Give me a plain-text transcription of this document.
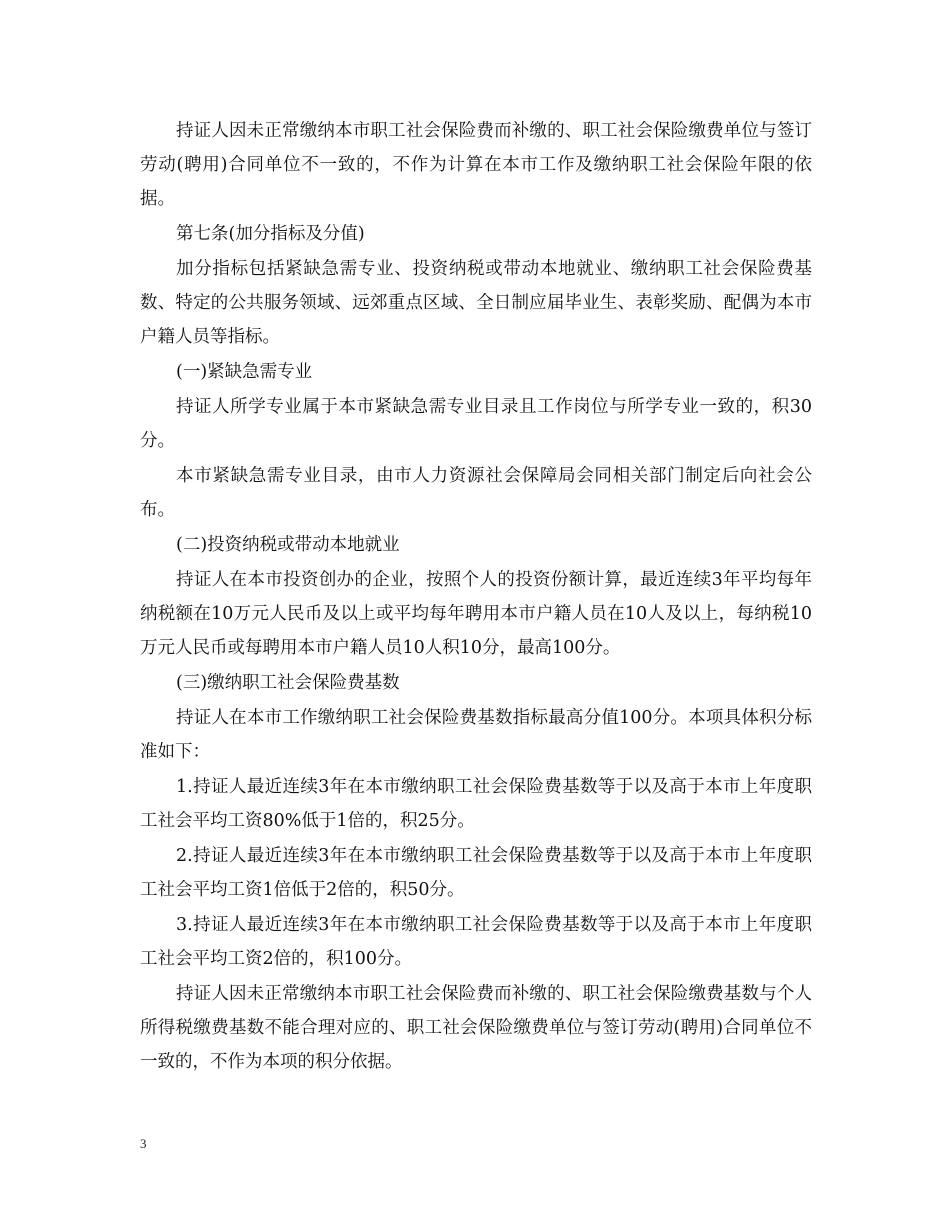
持证人因未正常缴纳本市职工社会保险费而补缴的、职工社会保险缴费单位与签订劳动(聘用)合同单位不一致的，不作为计算在本市工作及缴纳职工社会保险年限的依据。

第七条(加分指标及分值)

加分指标包括紧缺急需专业、投资纳税或带动本地就业、缴纳职工社会保险费基数、特定的公共服务领域、远郊重点区域、全日制应届毕业生、表彰奖励、配偶为本市户籍人员等指标。

(一)紧缺急需专业

持证人所学专业属于本市紧缺急需专业目录且工作岗位与所学专业一致的，积30分。

本市紧缺急需专业目录，由市人力资源社会保障局会同相关部门制定后向社会公布。

(二)投资纳税或带动本地就业

持证人在本市投资创办的企业，按照个人的投资份额计算，最近连续3年平均每年纳税额在10万元人民币及以上或平均每年聘用本市户籍人员在10人及以上，每纳税10万元人民币或每聘用本市户籍人员10人积10分，最高100分。

(三)缴纳职工社会保险费基数

持证人在本市工作缴纳职工社会保险费基数指标最高分值100分。本项具体积分标准如下：

1.持证人最近连续3年在本市缴纳职工社会保险费基数等于以及高于本市上年度职工社会平均工资80%低于1倍的，积25分。

2.持证人最近连续3年在本市缴纳职工社会保险费基数等于以及高于本市上年度职工社会平均工资1倍低于2倍的，积50分。

3.持证人最近连续3年在本市缴纳职工社会保险费基数等于以及高于本市上年度职工社会平均工资2倍的，积100分。

持证人因未正常缴纳本市职工社会保险费而补缴的、职工社会保险缴费基数与个人所得税缴费基数不能合理对应的、职工社会保险缴费单位与签订劳动(聘用)合同单位不一致的，不作为本项的积分依据。

3
